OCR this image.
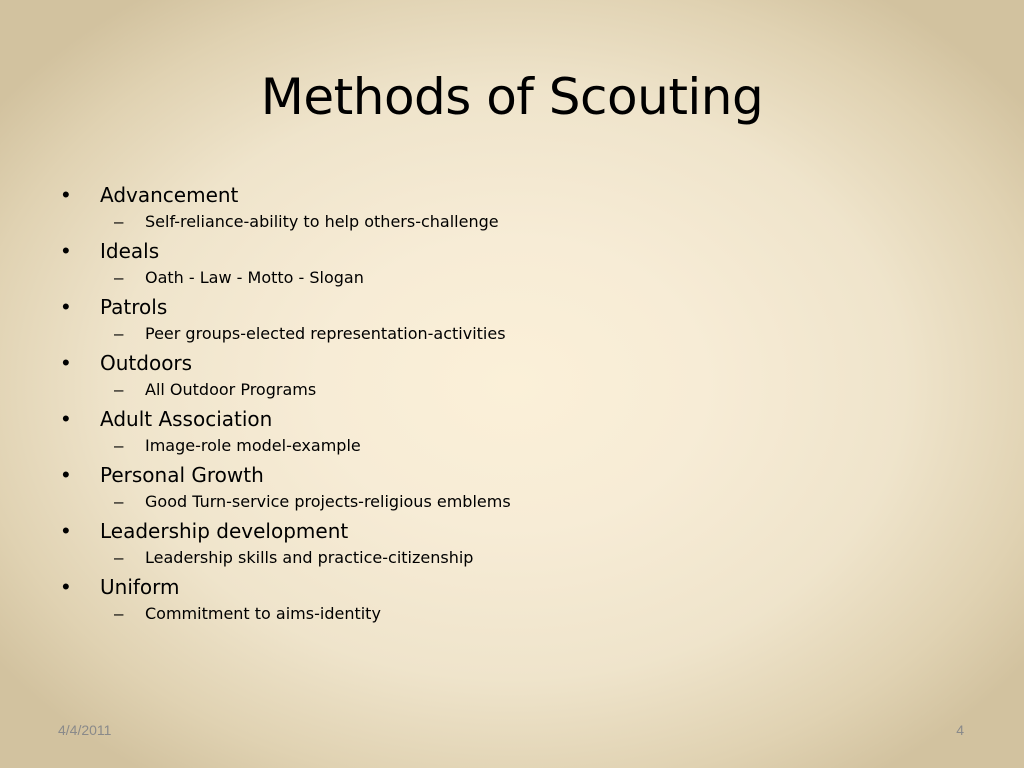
Methods of Scouting
• Advancement
– Self-reliance-ability to help others-challenge
• Ideals
– Oath - Law - Motto - Slogan
• Patrols
– Peer groups-elected representation-activities
• Outdoors
– All Outdoor Programs
• Adult Association
– Image-role model-example
• Personal Growth
– Good Turn-service projects-religious emblems
• Leadership development
– Leadership skills and practice-citizenship
• Uniform
– Commitment to aims-identity
4/4/2011	4
